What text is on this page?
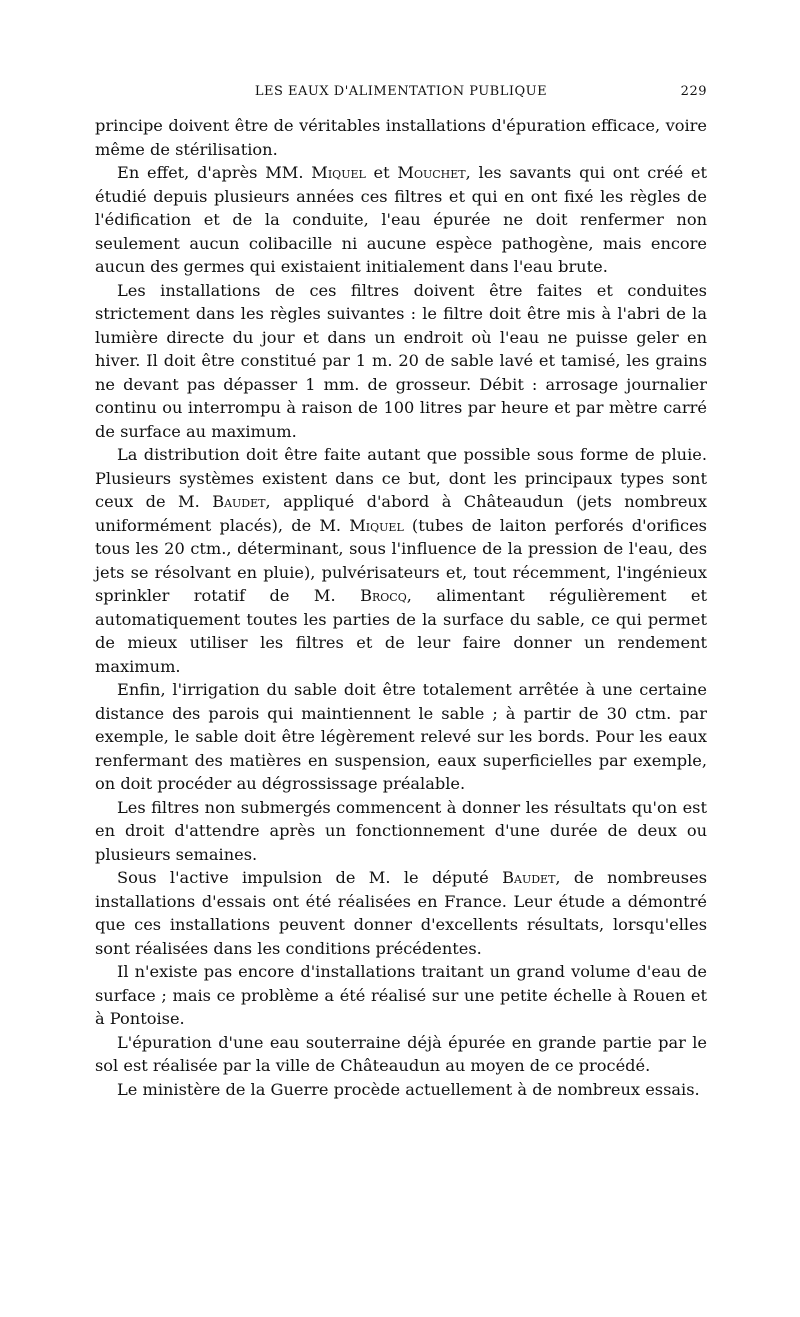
LES EAUX D'ALIMENTATION PUBLIQUE	229

principe doivent être de véritables installations d'épuration efficace, voire même de stérilisation.

En effet, d'après MM. Miquel et Mouchet, les savants qui ont créé et étudié depuis plusieurs années ces filtres et qui en ont fixé les règles de l'édification et de la conduite, l'eau épurée ne doit renfermer non seulement aucun colibacille ni aucune espèce pathogène, mais encore aucun des germes qui existaient initialement dans l'eau brute.

Les installations de ces filtres doivent être faites et conduites strictement dans les règles suivantes : le filtre doit être mis à l'abri de la lumière directe du jour et dans un endroit où l'eau ne puisse geler en hiver. Il doit être constitué par 1 m. 20 de sable lavé et tamisé, les grains ne devant pas dépasser 1 mm. de grosseur. Débit : arrosage journalier continu ou interrompu à raison de 100 litres par heure et par mètre carré de surface au maximum.

La distribution doit être faite autant que possible sous forme de pluie. Plusieurs systèmes existent dans ce but, dont les principaux types sont ceux de M. Baudet, appliqué d'abord à Châteaudun (jets nombreux uniformément placés), de M. Miquel (tubes de laiton perforés d'orifices tous les 20 ctm., déterminant, sous l'influence de la pression de l'eau, des jets se résolvant en pluie), pulvérisateurs et, tout récemment, l'ingénieux sprinkler rotatif de M. Brocq, alimentant régulièrement et automatiquement toutes les parties de la surface du sable, ce qui permet de mieux utiliser les filtres et de leur faire donner un rendement maximum.

Enfin, l'irrigation du sable doit être totalement arrêtée à une certaine distance des parois qui maintiennent le sable ; à partir de 30 ctm. par exemple, le sable doit être légèrement relevé sur les bords. Pour les eaux renfermant des matières en suspension, eaux superficielles par exemple, on doit procéder au dégrossissage préalable.

Les filtres non submergés commencent à donner les résultats qu'on est en droit d'attendre après un fonctionnement d'une durée de deux ou plusieurs semaines.

Sous l'active impulsion de M. le député Baudet, de nombreuses installations d'essais ont été réalisées en France. Leur étude a démontré que ces installations peuvent donner d'excellents résultats, lorsqu'elles sont réalisées dans les conditions précédentes.

Il n'existe pas encore d'installations traitant un grand volume d'eau de surface ; mais ce problème a été réalisé sur une petite échelle à Rouen et à Pontoise.

L'épuration d'une eau souterraine déjà épurée en grande partie par le sol est réalisée par la ville de Châteaudun au moyen de ce procédé.

Le ministère de la Guerre procède actuellement à de nombreux essais.
